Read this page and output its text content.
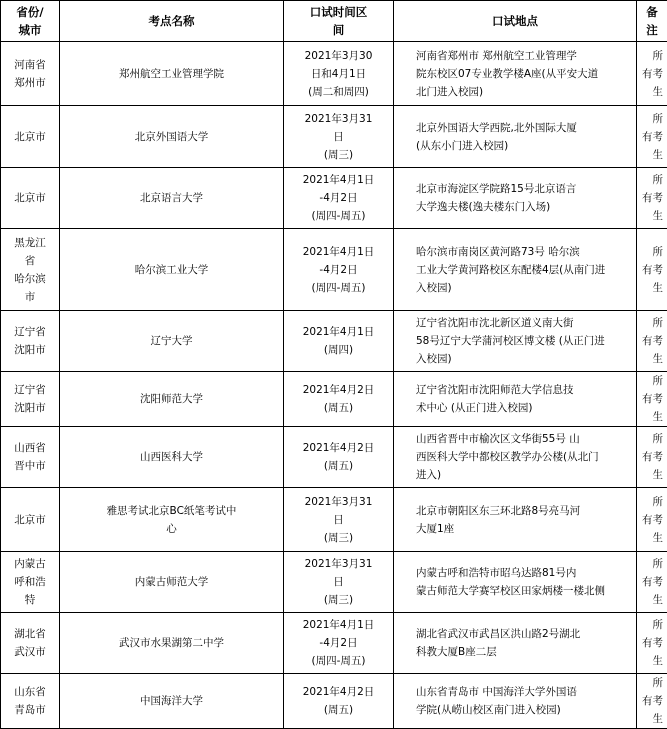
省份/
城市	考点名称	口试时间区
间	口试地点	备
注

河南省
郑州市	郑州航空工业管理学院	2021年3月30
日和4月1日
(周二和周四)	河南省郑州市 郑州航空工业管理学
院东校区07专业教学楼A座(从平安大道
北门进入校园)	所
有考生

北京市	北京外国语大学	2021年3月31
日
(周三)	北京外国语大学西院,北外国际大厦
(从东小门进入校园)	所
有考生

北京市	北京语言大学	2021年4月1日
-4月2日
(周四-周五)	北京市海淀区学院路15号北京语言
大学逸夫楼(逸夫楼东门入场)	所
有考生

黑龙江
省
哈尔滨
市	哈尔滨工业大学	2021年4月1日
-4月2日
(周四-周五)	哈尔滨市南岗区黄河路73号 哈尔滨
工业大学黄河路校区东配楼4层(从南门进
入校园)	所
有考生

辽宁省
沈阳市	辽宁大学	2021年4月1日
(周四)	辽宁省沈阳市沈北新区道义南大街
58号辽宁大学蒲河校区博文楼 (从正门进
入校园)	所
有考生

辽宁省
沈阳市	沈阳师范大学	2021年4月2日
(周五)	辽宁省沈阳市沈阳师范大学信息技
术中心 (从正门进入校园)	所
有考生

山西省
晋中市	山西医科大学	2021年4月2日
(周五)	山西省晋中市榆次区文华街55号 山
西医科大学中都校区教学办公楼(从北门
进入)	所
有考生

北京市	雅思考试北京BC纸笔考试中
心	2021年3月31
日
(周三)	北京市朝阳区东三环北路8号亮马河
大厦1座	所
有考生

内蒙古
呼和浩
特	内蒙古师范大学	2021年3月31
日
(周三)	内蒙古呼和浩特市昭乌达路81号内
蒙古师范大学赛罕校区田家炳楼一楼北侧	所
有考生

湖北省
武汉市	武汉市水果湖第二中学	2021年4月1日
-4月2日
(周四-周五)	湖北省武汉市武昌区洪山路2号湖北
科教大厦B座二层	所
有考生

山东省
青岛市	中国海洋大学	2021年4月2日
(周五)	山东省青岛市 中国海洋大学外国语
学院(从崂山校区南门进入校园)	所
有考生
